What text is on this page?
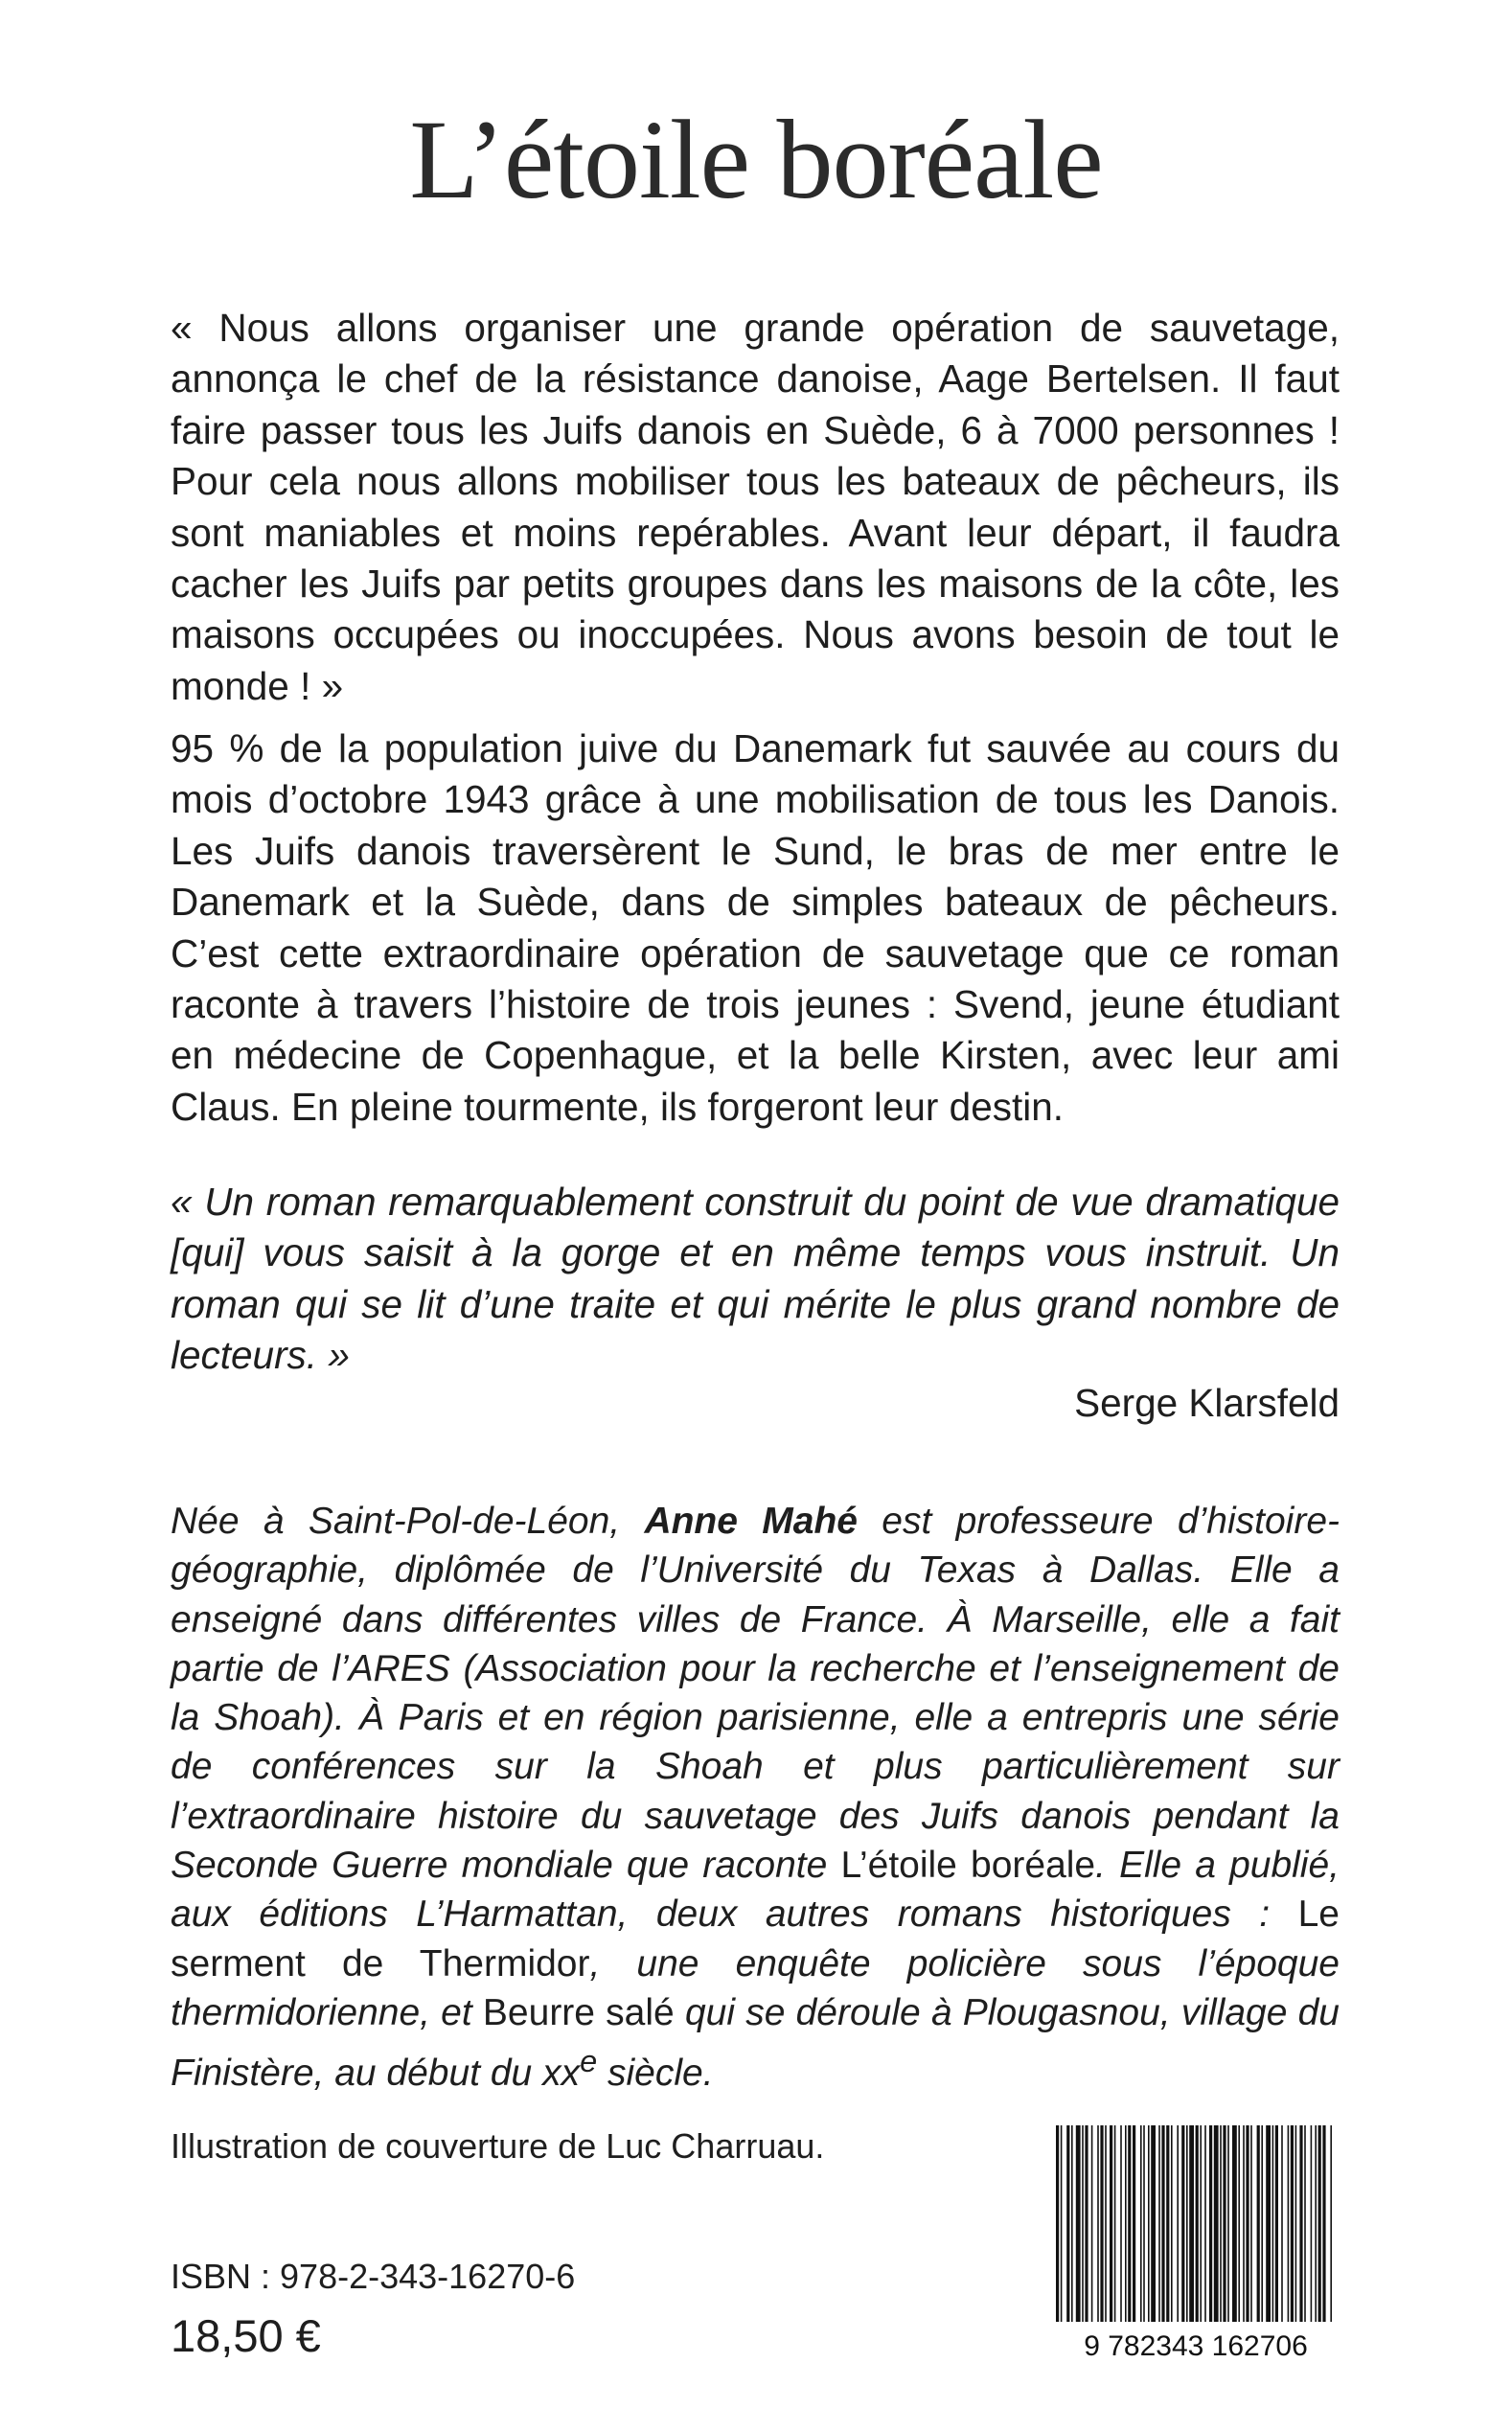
L’étoile boréale

« Nous allons organiser une grande opération de sauvetage, annonça le chef de la résistance danoise, Aage Bertelsen. Il faut faire passer tous les Juifs danois en Suède, 6 à 7000 personnes ! Pour cela nous allons mobiliser tous les bateaux de pêcheurs, ils sont maniables et moins repérables. Avant leur départ, il faudra cacher les Juifs par petits groupes dans les maisons de la côte, les maisons occupées ou inoccupées. Nous avons besoin de tout le monde ! »

95 % de la population juive du Danemark fut sauvée au cours du mois d’octobre 1943 grâce à une mobilisation de tous les Danois. Les Juifs danois traversèrent le Sund, le bras de mer entre le Danemark et la Suède, dans de simples bateaux de pêcheurs. C’est cette extraordinaire opération de sauvetage que ce roman raconte à travers l’histoire de trois jeunes : Svend, jeune étudiant en médecine de Copenhague, et la belle Kirsten, avec leur ami Claus. En pleine tourmente, ils forgeront leur destin.

« Un roman remarquablement construit du point de vue dramatique [qui] vous saisit à la gorge et en même temps vous instruit. Un roman qui se lit d’une traite et qui mérite le plus grand nombre de lecteurs. »

Serge Klarsfeld

Née à Saint-Pol-de-Léon, Anne Mahé est professeure d’histoire-géographie, diplômée de l’Université du Texas à Dallas. Elle a enseigné dans différentes villes de France. À Marseille, elle a fait partie de l’ARES (Association pour la recherche et l’enseignement de la Shoah). À Paris et en région parisienne, elle a entrepris une série de conférences sur la Shoah et plus particulièrement sur l’extraordinaire histoire du sauvetage des Juifs danois pendant la Seconde Guerre mondiale que raconte L’étoile boréale. Elle a publié, aux éditions L’Harmattan, deux autres romans historiques : Le serment de Thermidor, une enquête policière sous l’époque thermidorienne, et Beurre salé qui se déroule à Plougasnou, village du Finistère, au début du $xx^e$ siècle.

Illustration de couverture de Luc Charruau.
ISBN : 978-2-343-16270-6
18,50 €	9 782343 162706
